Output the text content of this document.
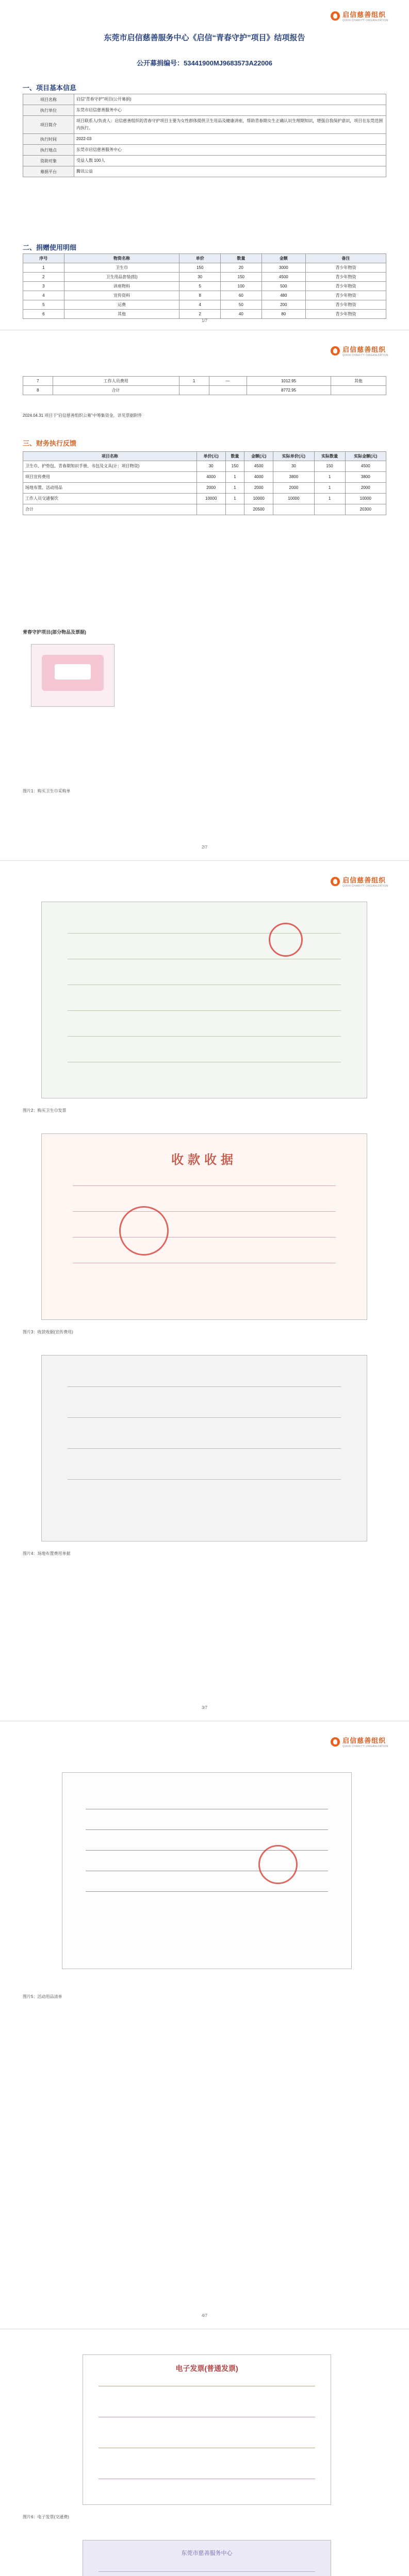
启信慈善组织
QIXIN CHARITY ORGANIZATION
东莞市启信慈善服务中心《启信“青春守护”项目》结项报告
公开募捐编号：53441900MJ9683573A22006
一、项目基本信息
项目名称	启信“青春守护”项目(公开募捐)
执行单位	东莞市启信慈善服务中心
项目简介	项目联系人/负责人：启信慈善组织的青春守护项目主要为女性群体提供卫生用品及健康讲座，帮助青春期女生正确认识生理期知识，增强自我保护意识，项目在东莞范围内执行。
执行时间	2022-03
执行地点	东莞市启信慈善服务中心
资助对象	受益人数 100人
募捐平台	腾讯公益
二、捐赠使用明细
序号	物资名称	单价	数量	金额	备注
1	卫生巾	150	20	3000	青少年物资
2	卫生用品套装(组)	30	150	4500	青少年物资
3	讲座物料	5	100	500	青少年物资
4	宣传资料	8	60	480	青少年物资
5	运费	4	50	200	青少年物资
6	其他	2	40	80	青少年物资
1/7
启信慈善组织
QIXIN CHARITY ORGANIZATION
7	工作人员费用	1	—	1012.95	其他
8	合计			8772.95	
2024.04.31 项目于“启信慈善组织公募”中筹集资金，详见票据附件
三、财务执行反馈
项目名称	单价(元)	数量	金额(元)	实际单价(元)	实际数量	实际金额(元)
卫生巾、护垫包、青春期知识手册、书包及文具(计：项目物资)	30	150	4500	30	150	4500
项目宣传费用	4000	1	4000	3800	1	3800
场地布置、活动用品	2000	1	2000	2000	1	2000
工作人员交通餐饮	10000	1	10000	10000	1	10000
合计			20500			20300
青春守护项目(部分物品及票据)
图片1：购买卫生巾采购单
2/7
启信慈善组织
QIXIN CHARITY ORGANIZATION
图片2：购买卫生巾发票
收款收据
图片3：收款收据(宣传费用)
图片4：场地布置费用单据
3/7
启信慈善组织
QIXIN CHARITY ORGANIZATION
图片5：活动用品清单
4/7
电子发票(普通发票)
图片6：电子发票(交通费)
东莞市慈善服务中心
